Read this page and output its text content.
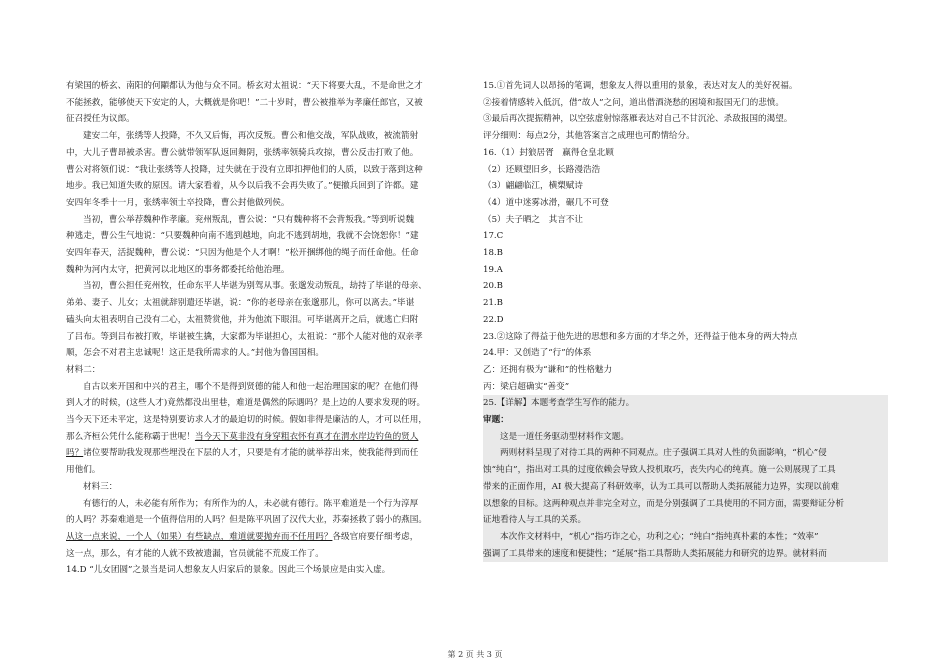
有梁国的桥玄、南阳的何顒都认为他与众不同。桥玄对太祖说：“天下将要大乱，不是命世之才
不能拯救，能够使天下安定的人，大概就是你吧！”二十岁时，曹公被推举为孝廉任郎官，又被
征召授任为议郎。

建安二年，张绣等人投降，不久又后悔，再次反叛。曹公和他交战，军队战败，被流箭射
中，大儿子曹昂被杀害。曹公就带领军队返回舞阴，张绣率领骑兵攻掠，曹公反击打败了他。
曹公对将领们说：“我让张绣等人投降，过失就在于没有立即扣押他们的人质，以致于落到这种
地步。我已知道失败的原因。请大家看着，从今以后我不会再失败了。”便撤兵回到了许都。建
安四年冬季十一月，张绣率领士卒投降，曹公封他做列侯。

当初，曹公举荐魏种作孝廉。兖州叛乱，曹公说：“只有魏种将不会背叛我。”等到听说魏
种逃走，曹公生气地说：“只要魏种向南不逃到越地，向北不逃到胡地，我就不会饶恕你！”建
安四年春天，活捉魏种，曹公说：“只因为他是个人才啊！”松开捆绑他的绳子而任命他。任命
魏种为河内太守，把黄河以北地区的事务都委托给他治理。

当初，曹公担任兖州牧，任命东平人毕谌为别驾从事。张邈发动叛乱，劫持了毕谌的母亲、
弟弟、妻子、儿女；太祖就辞别遣还毕谌，说：“你的老母亲在张邈那儿，你可以离去。”毕谌
磕头向太祖表明自己没有二心，太祖赞赏他，并为他流下眼泪。可毕谌离开之后，就逃亡归附
了吕布。等到吕布被打败，毕谌被生擒，大家都为毕谌担心，太祖说：“那个人能对他的双亲孝
顺，怎会不对君主忠诚呢！这正是我所需求的人。”封他为鲁国国相。

材料二：

自古以来开国和中兴的君主，哪个不是得到贤德的能人和他一起治理国家的呢？在他们得
到人才的时候，(这些人才)竟然都没出里巷，难道是偶然的际遇吗？是上边的人要求发现的呀。
当今天下还未平定，这是特别要访求人才的最迫切的时候。假如非得是廉洁的人，才可以任用，
那么齐桓公凭什么能称霸于世呢！当今天下莫非没有身穿粗衣怀有真才在渭水岸边钓鱼的贤人
吗？诸位要帮助我发现那些埋没在下层的人才，只要是有才能的就举荐出来，使我能得到而任
用他们。

材料三：

有德行的人，未必能有所作为；有所作为的人，未必就有德行。陈平难道是一个行为淳厚
的人吗？苏秦难道是一个值得信用的人吗？但是陈平巩固了汉代大业，苏秦拯救了弱小的燕国。
从这一点来说，一个人（如果）有些缺点，难道就要抛弃而不任用吗？各级官府要仔细考虑，
这一点，那么，有才能的人就不致被遗漏，官员就能不荒废工作了。

14.D “儿女团圆”之景当是词人想象友人归家后的景象。因此三个场景应是由实入虚。

15.①首先词人以昂扬的笔调，想象友人得以重用的景象，表达对友人的美好祝福。
②接着情感转入低沉，借“故人”之问，道出借酒浇愁的困境和报国无门的悲愤。
③最后再次提振精神，以空弦虚射惊落雁表达对自己不甘沉沦、杀敌报国的渴望。
评分细则：每点2分，其他答案言之成理也可酌情给分。

16.（1）封狼居胥　赢得仓皇北顾
（2）还顾望旧乡，长路漫浩浩
（3）翩翩临江，横槊赋诗
（4）道中迷雾冰滑，碾几不可登
（5）夫子晒之　其言不让

17.C

18.B

19.A

20.B

21.B

22.D

23.②这除了得益于他先进的思想和多方面的才华之外，还得益于他本身的两大特点

24.甲：又创造了“行”的体系
乙：还拥有极为“谦和”的性格魅力
丙：梁启超确实“善变”

25.【详解】本题考查学生写作的能力。

审题：

这是一道任务驱动型材料作文题。

两则材料呈现了对待工具的两种不同观点。庄子强调工具对人性的负面影响，“机心”侵
蚀“纯白”，指出对工具的过度依赖会导致人投机取巧，丧失内心的纯真。施一公则展现了工具
带来的正面作用，AI 极大提高了科研效率，认为工具可以帮助人类拓展能力边界，实现以前难
以想象的目标。这两种观点并非完全对立，而是分别强调了工具使用的不同方面，需要辩证分析
证地看待人与工具的关系。

本次作文材料中，“机心”指巧诈之心，功利之心；“纯白”指纯真朴素的本性；“效率”
强调了工具带来的速度和便捷性；“延展”指工具帮助人类拓展能力和研究的边界。就材料而

第 2 页 共 3 页
